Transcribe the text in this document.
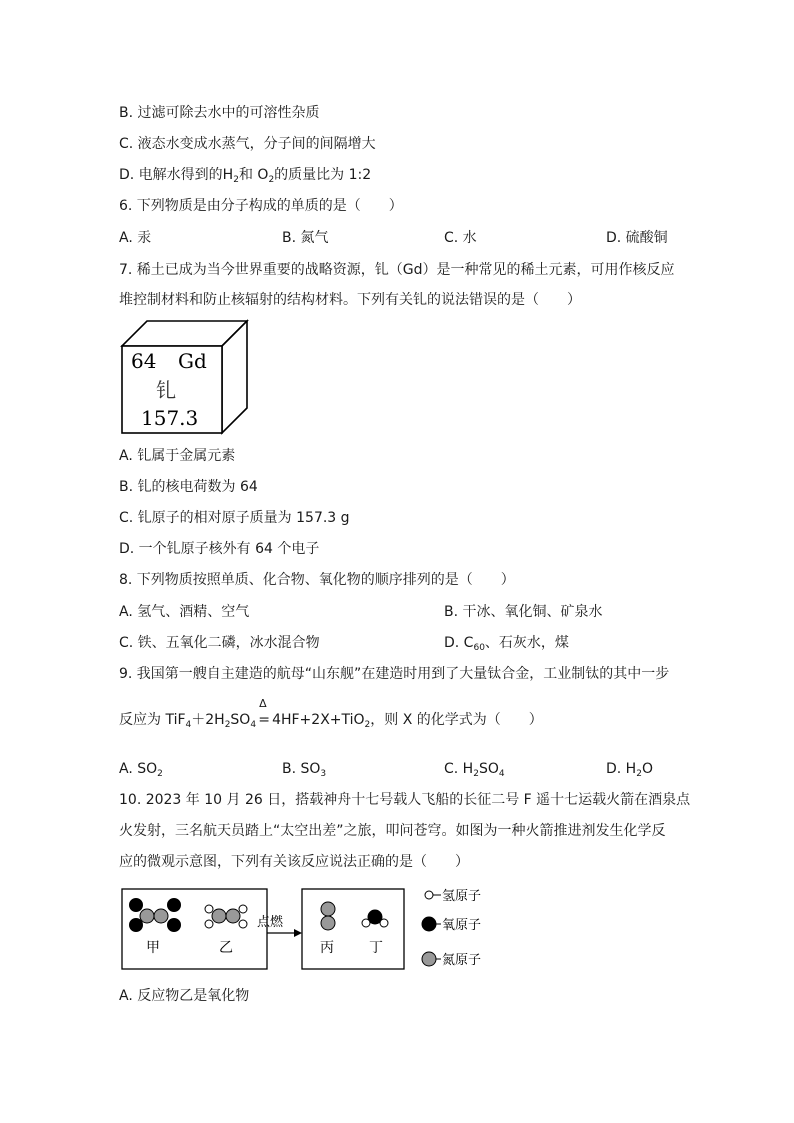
B. 过滤可除去水中的可溶性杂质
C. 液态水变成水蒸气，分子间的间隔增大
D. 电解水得到的$H_2$和 $O_2$的质量比为 1:2
6. 下列物质是由分子构成的单质的是（　　）
A. 汞	B. 氮气	C. 水	D. 硫酸铜
7. 稀土已成为当今世界重要的战略资源，钆（Gd）是一种常见的稀土元素，可用作核反应
堆控制材料和防止核辐射的结构材料。下列有关钆的说法错误的是（　　）
64 Gd
钆
157.3
A. 钆属于金属元素
B. 钆的核电荷数为 64
C. 钆原子的相对原子质量为 157.3 g
D. 一个钆原子核外有 64 个电子
8. 下列物质按照单质、化合物、氧化物的顺序排列的是（　　）
A. 氢气、酒精、空气	B. 干冰、氧化铜、矿泉水
C. 铁、五氧化二磷，冰水混合物	D. $C_{60}$、石灰水，煤
9. 我国第一艘自主建造的航母“山东舰”在建造时用到了大量钛合金，工业制钛的其中一步
反应为 $TiF_4+2H_2SO_4$
Δ
= 4HF+2X+TiO$_2$，则 X 的化学式为（　　）
A. $SO_2$	B. $SO_3$	C. $H_2SO_4$	D. $H_2O$
10. 2023 年 10 月 26 日，搭载神舟十七号载人飞船的长征二号 F 遥十七运载火箭在酒泉点
火发射，三名航天员踏上“太空出差”之旅，叩问苍穹。如图为一种火箭推进剂发生化学反
应的微观示意图，下列有关该反应说法正确的是（　　）
甲	乙
点燃
丙	丁
氢原子
氧原子
氮原子
A. 反应物乙是氧化物
